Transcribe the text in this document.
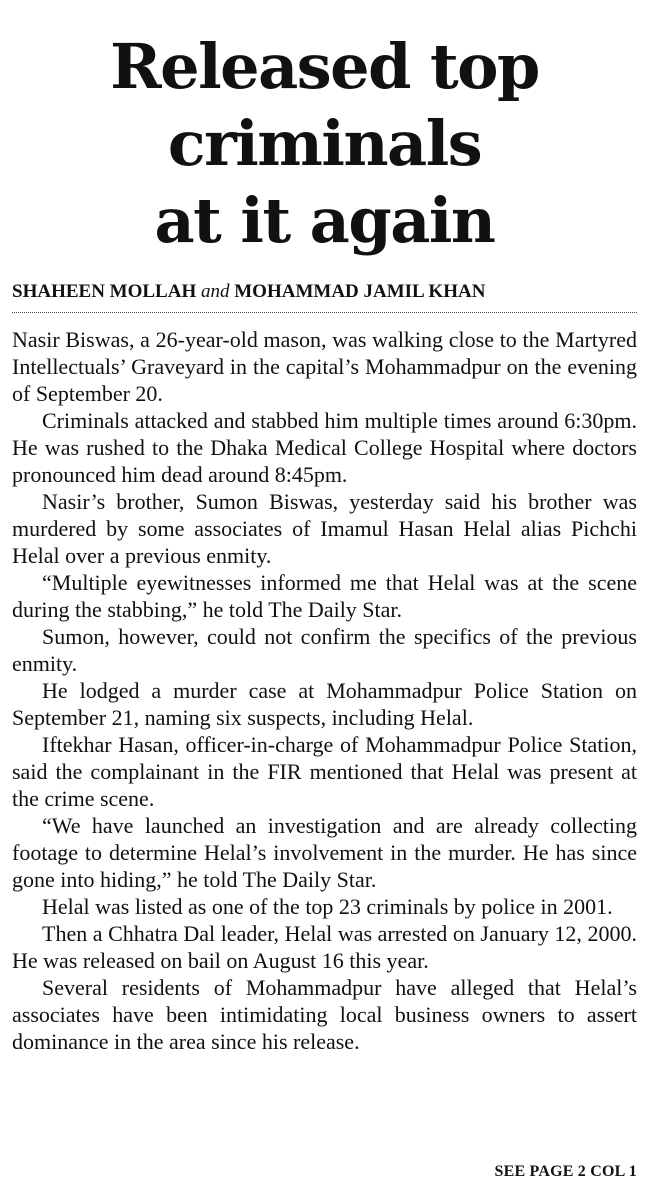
Released top
criminals
at it again
SHAHEEN MOLLAH and MOHAMMAD JAMIL KHAN

Nasir Biswas, a 26-year-old mason, was walking close to the Martyred Intellectuals’ Graveyard in the capital’s Mohammadpur on the evening of September 20.

Criminals attacked and stabbed him multiple times around 6:30pm. He was rushed to the Dhaka Medical College Hospital where doctors pronounced him dead around 8:45pm.

Nasir’s brother, Sumon Biswas, yesterday said his brother was murdered by some associates of Imamul Hasan Helal alias Pichchi Helal over a previous enmity.

“Multiple eyewitnesses informed me that Helal was at the scene during the stabbing,” he told The Daily Star.

Sumon, however, could not confirm the specifics of the previous enmity.

He lodged a murder case at Mohammadpur Police Station on September 21, naming six suspects, including Helal.

Iftekhar Hasan, officer-in-charge of Mohammadpur Police Station, said the complainant in the FIR mentioned that Helal was present at the crime scene.

“We have launched an investigation and are already collecting footage to determine Helal’s involvement in the murder. He has since gone into hiding,” he told The Daily Star.

Helal was listed as one of the top 23 criminals by police in 2001.

Then a Chhatra Dal leader, Helal was arrested on January 12, 2000. He was released on bail on August 16 this year.

Several residents of Mohammadpur have alleged that Helal’s associates have been intimidating local business owners to assert dominance in the area since his release.

SEE PAGE 2 COL 1
